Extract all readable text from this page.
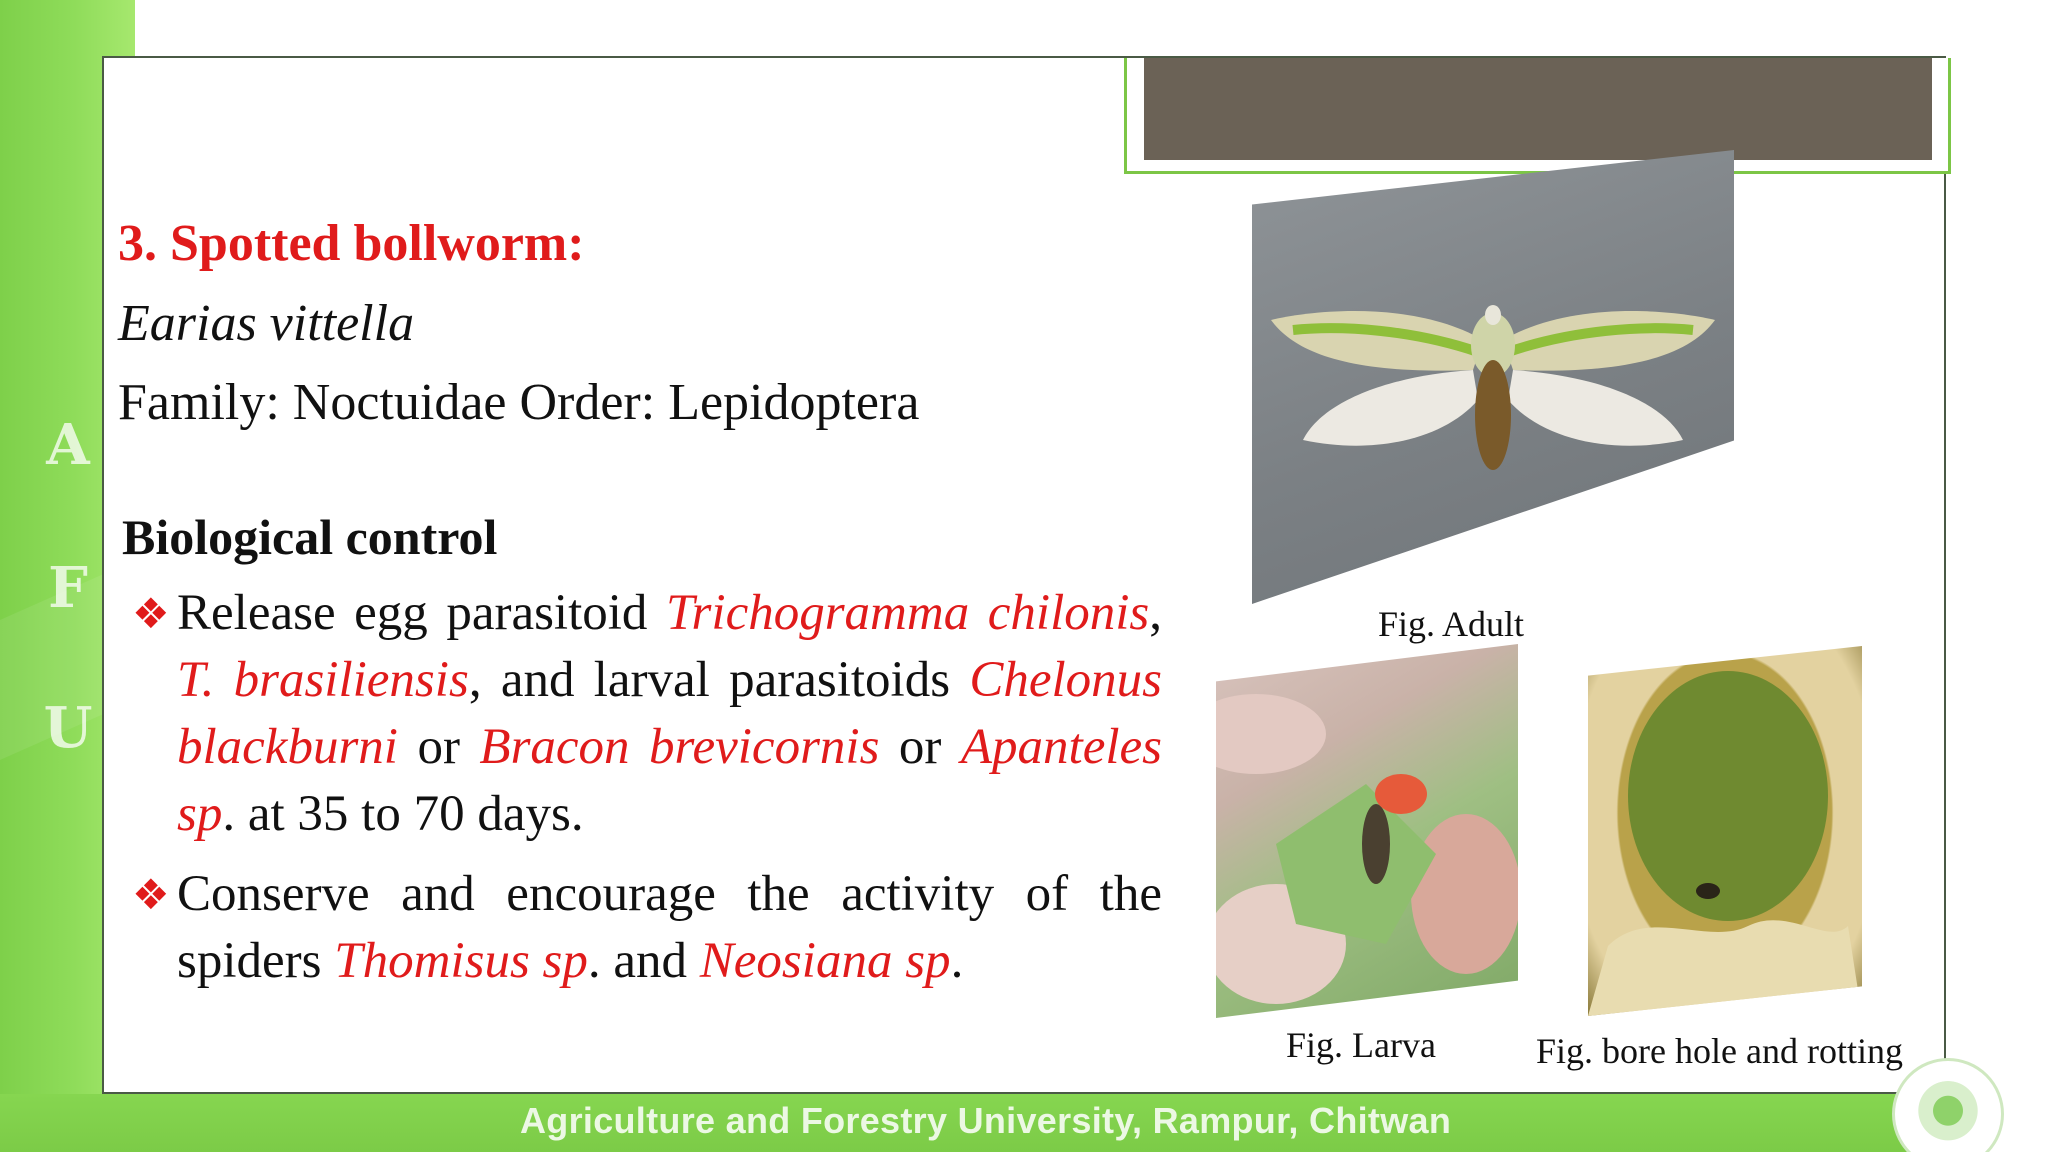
A
F
U
3. Spotted bollworm:
Earias vittella
Family: Noctuidae Order: Lepidoptera
Biological control
❖ Release egg parasitoid Trichogramma chilonis, T. brasiliensis, and larval parasitoids Chelonus blackburni or Bracon brevicornis or Apanteles sp. at 35 to 70 days.
❖ Conserve and encourage the activity of the spiders Thomisus sp. and Neosiana sp.
Fig. Adult
Fig. Larva	Fig. bore hole and rotting
Agriculture and Forestry University, Rampur, Chitwan
